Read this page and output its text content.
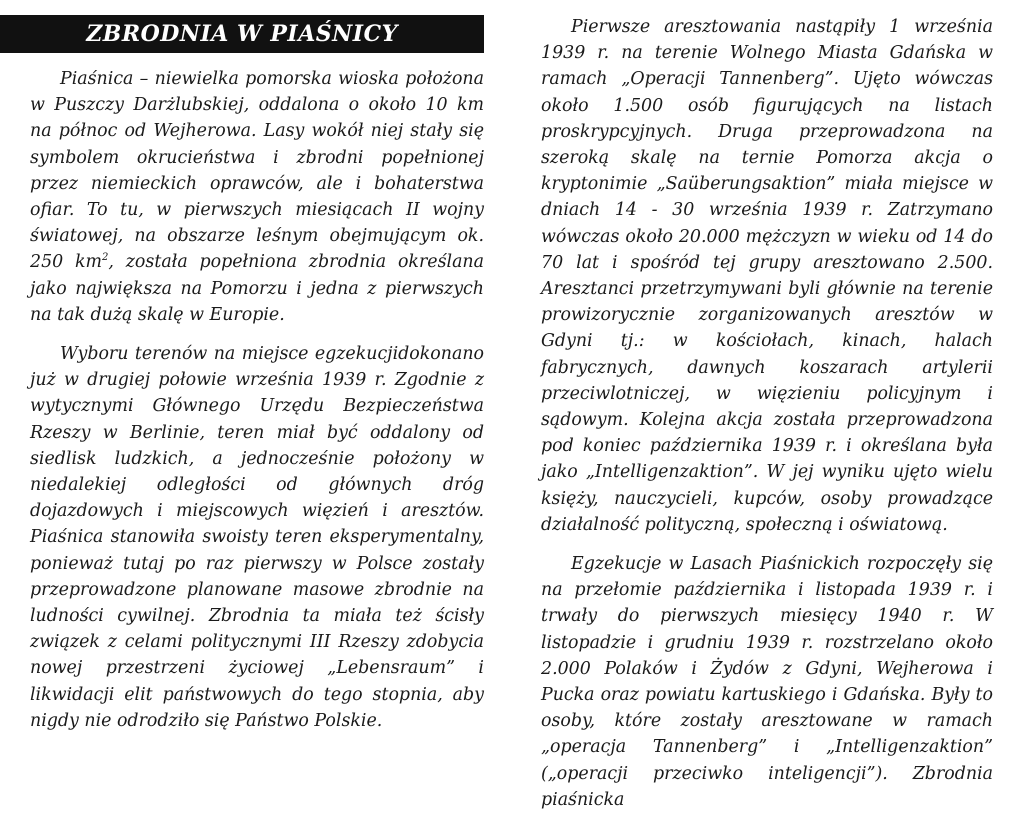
ZBRODNIA W PIAŚNICY

Piaśnica – niewielka pomorska wioska położona w Puszczy Darżlubskiej, oddalona o około 10 km na północ od Wejherowa. Lasy wokół niej stały się symbolem okrucieństwa i zbrodni popełnionej przez niemieckich oprawców, ale i bohaterstwa ofiar. To tu, w pierwszych miesiącach II wojny światowej, na obszarze leśnym obejmującym ok. 250 $km^2$, została popełniona zbrodnia określana jako największa na Pomorzu i jedna z pierwszych na tak dużą skalę w Europie.

Wyboru terenów na miejsce egzekucjidokonano już w drugiej połowie września 1939 r. Zgodnie z wytycznymi Głównego Urzędu Bezpieczeństwa Rzeszy w Berlinie, teren miał być oddalony od siedlisk ludzkich, a jednocześnie położony w niedalekiej odległości od głównych dróg dojazdowych i miejscowych więzień i aresztów. Piaśnica stanowiła swoisty teren eksperymentalny, ponieważ tutaj po raz pierwszy w Polsce zostały przeprowadzone planowane masowe zbrodnie na ludności cywilnej. Zbrodnia ta miała też ścisły związek z celami politycznymi III Rzeszy zdobycia nowej przestrzeni życiowej „Lebensraum” i likwidacji elit państwowych do tego stopnia, aby nigdy nie odrodziło się Państwo Polskie.

Pierwsze aresztowania nastąpiły 1 września 1939 r. na terenie Wolnego Miasta Gdańska w ramach „Operacji Tannenberg”. Ujęto wówczas około 1.500 osób figurujących na listach proskrypcyjnych. Druga przeprowadzona na szeroką skalę na ternie Pomorza akcja o kryptonimie „Saüberungsaktion” miała miejsce w dniach 14 - 30 września 1939 r. Zatrzymano wówczas około 20.000 mężczyzn w wieku od 14 do 70 lat i spośród tej grupy aresztowano 2.500. Aresztanci przetrzymywani byli głównie na terenie prowizorycznie zorganizowanych aresztów w Gdyni tj.: w kościołach, kinach, halach fabrycznych, dawnych koszarach artylerii przeciwlotniczej, w więzieniu policyjnym i sądowym. Kolejna akcja została przeprowadzona pod koniec października 1939 r. i określana była jako „Intelligenzaktion”. W jej wyniku ujęto wielu księży, nauczycieli, kupców, osoby prowadzące działalność polityczną, społeczną i oświatową.

Egzekucje w Lasach Piaśnickich rozpoczęły się na przełomie października i listopada 1939 r. i trwały do pierwszych miesięcy 1940 r. W listopadzie i grudniu 1939 r. rozstrzelano około 2.000 Polaków i Żydów z Gdyni, Wejherowa i Pucka oraz powiatu kartuskiego i Gdańska. Były to osoby, które zostały aresztowane w ramach „operacja Tannenberg” i „Intelligenzaktion” („operacji przeciwko inteligencji”). Zbrodnia piaśnicka
